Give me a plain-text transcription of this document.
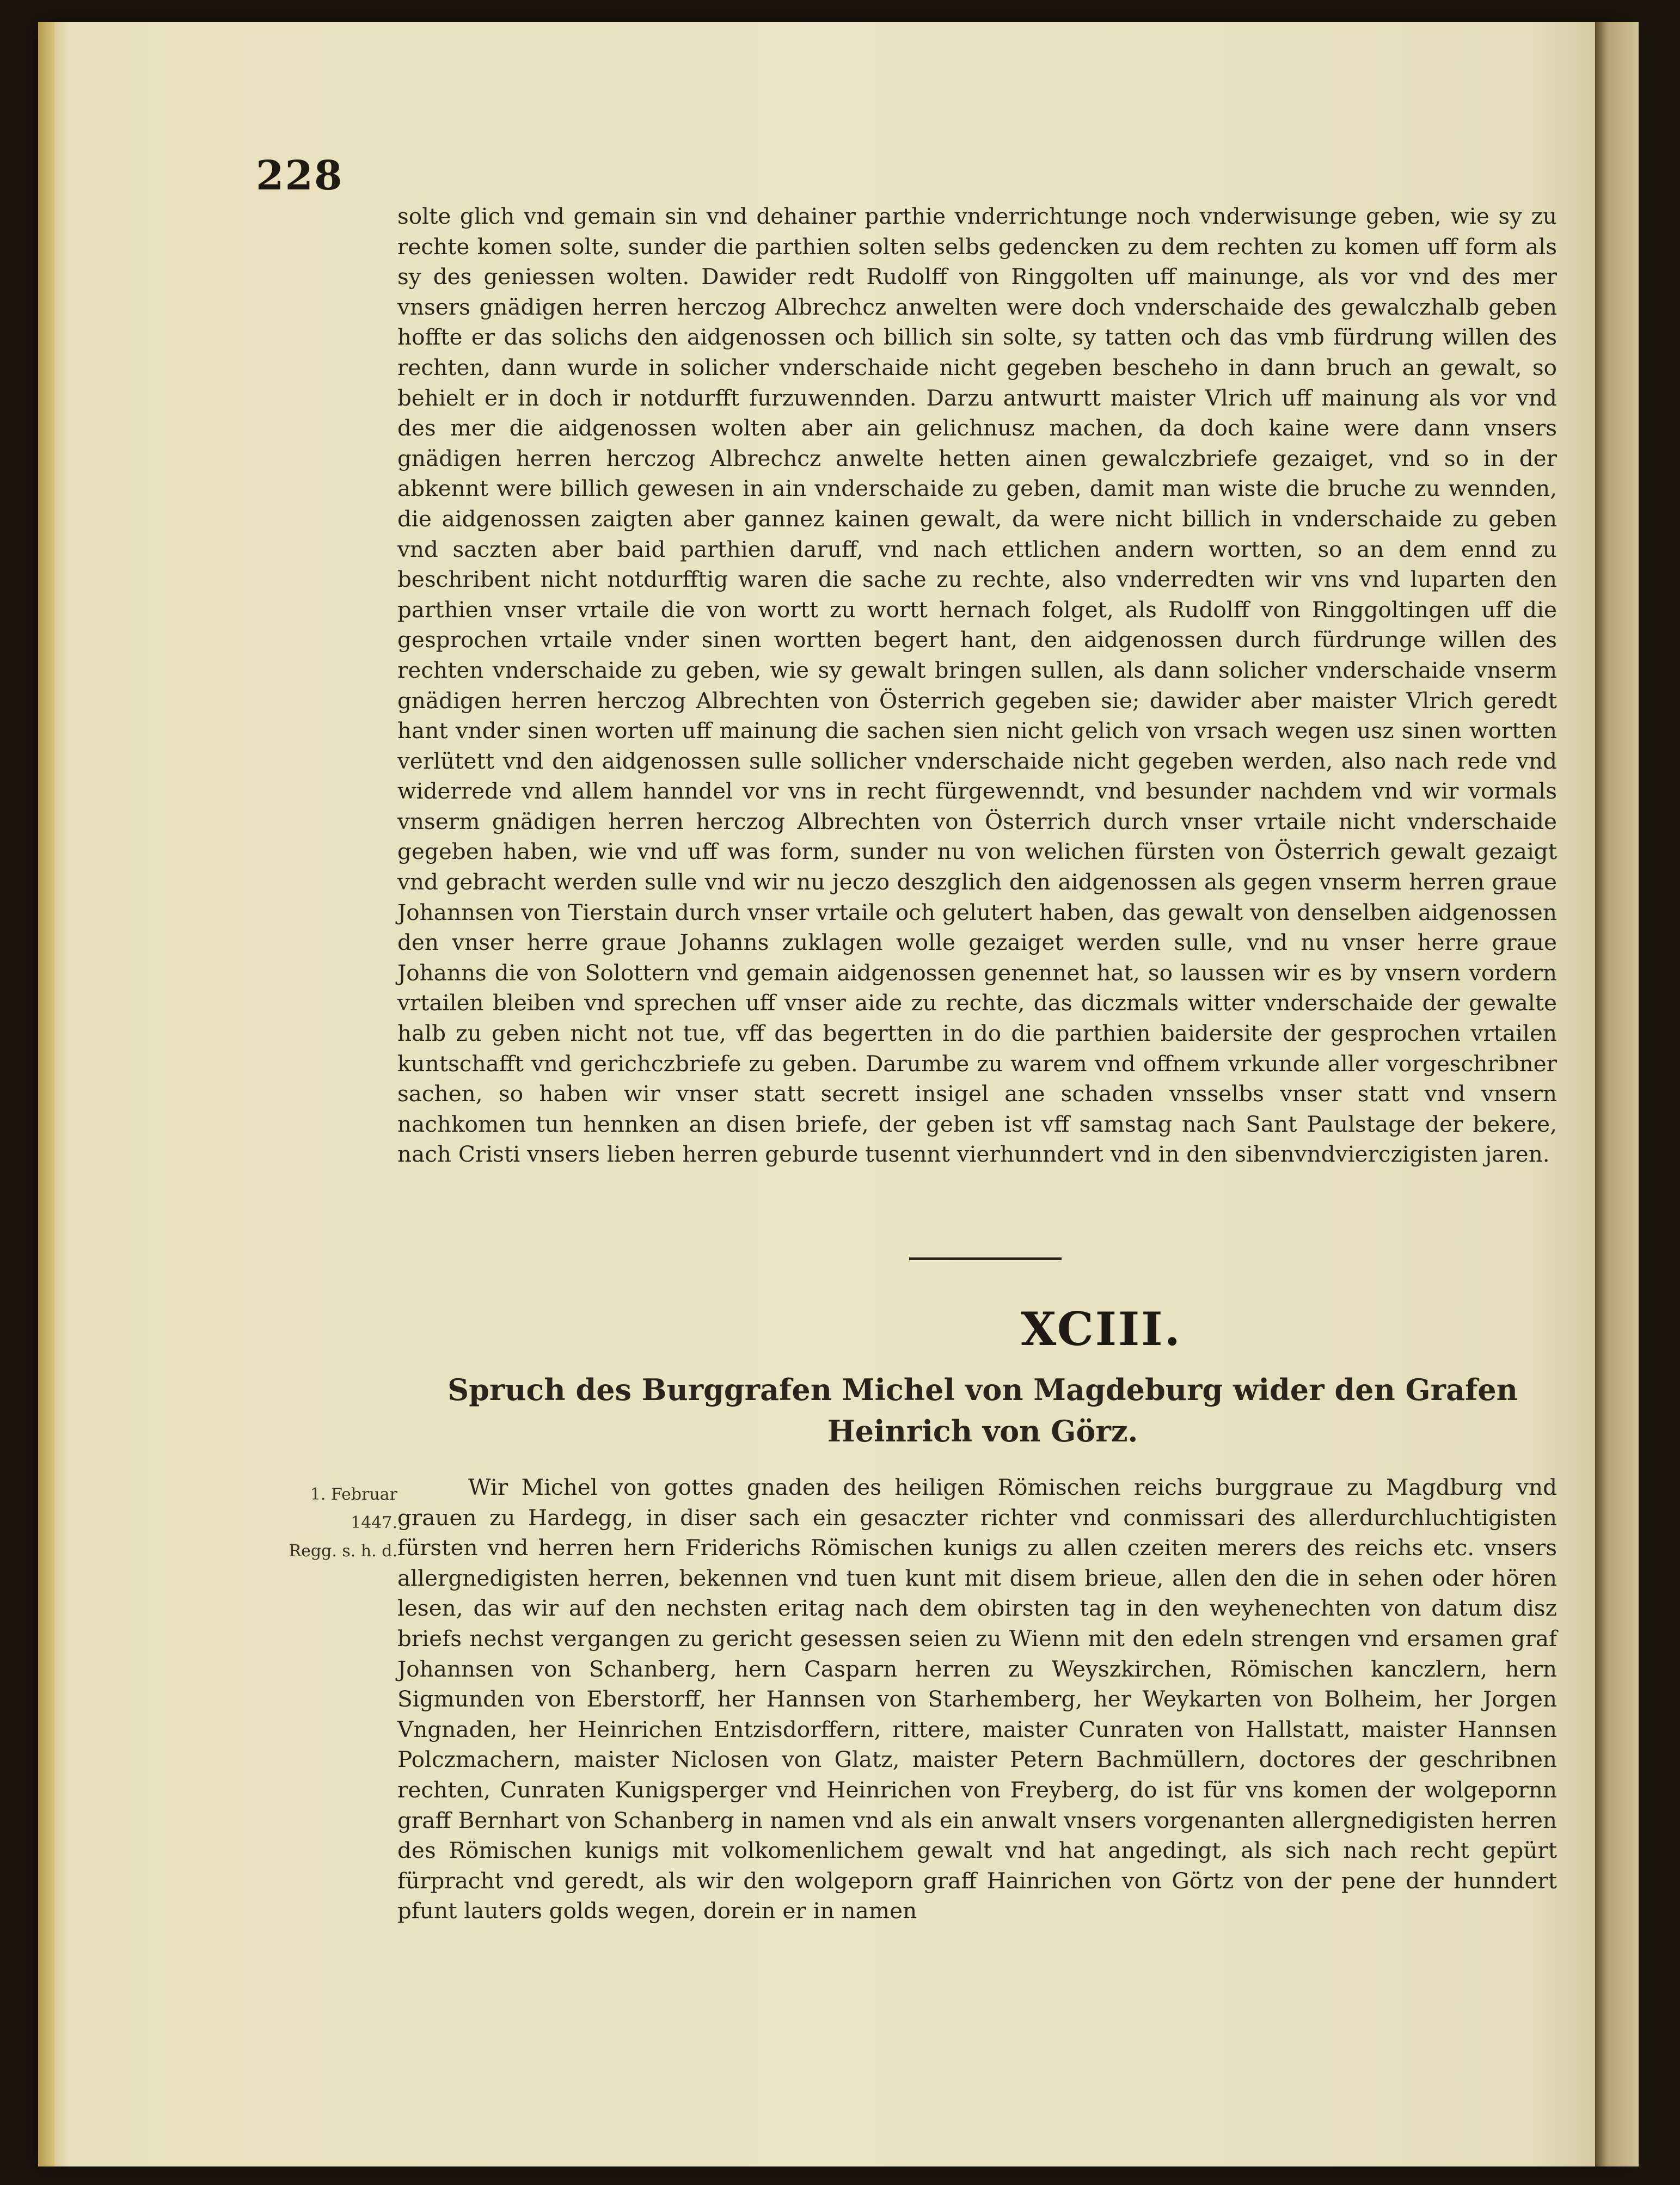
228

solte glich vnd gemain sin vnd dehainer parthie vnderrichtunge noch vnderwisunge geben, wie sy zu rechte komen solte, sunder die parthien solten selbs gedencken zu dem rechten zu komen uff form als sy des geniessen wolten. Dawider redt Rudolff von Ringgolten uff mainunge, als vor vnd des mer vnsers gnädigen herren herczog Albrechcz anwelten were doch vnderschaide des gewalczhalb geben hoffte er das solichs den aidgenossen och billich sin solte, sy tatten och das vmb fürdrung willen des rechten, dann wurde in solicher vnderschaide nicht gegeben bescheho in dann bruch an gewalt, so behielt er in doch ir notdurfft furzuwennden. Darzu antwurtt maister Vlrich uff mainung als vor vnd des mer die aidgenossen wolten aber ain gelichnusz machen, da doch kaine were dann vnsers gnädigen herren herczog Albrechcz anwelte hetten ainen gewalczbriefe gezaiget, vnd so in der abkennt were billich gewesen in ain vnderschaide zu geben, damit man wiste die bruche zu wennden, die aidgenossen zaigten aber gannez kainen gewalt, da were nicht billich in vnderschaide zu geben vnd saczten aber baid parthien daruff, vnd nach ettlichen andern wortten, so an dem ennd zu beschribent nicht notdurfftig waren die sache zu rechte, also vnderredten wir vns vnd luparten den parthien vnser vrtaile die von wortt zu wortt hernach folget, als Rudolff von Ringgoltingen uff die gesprochen vrtaile vnder sinen wortten begert hant, den aidgenossen durch fürdrunge willen des rechten vnderschaide zu geben, wie sy gewalt bringen sullen, als dann solicher vnderschaide vnserm gnädigen herren herczog Albrechten von Österrich gegeben sie; dawider aber maister Vlrich geredt hant vnder sinen worten uff mainung die sachen sien nicht gelich von vrsach wegen usz sinen wortten verlütett vnd den aidgenossen sulle sollicher vnderschaide nicht gegeben werden, also nach rede vnd widerrede vnd allem hanndel vor vns in recht fürgewenndt, vnd besunder nachdem vnd wir vormals vnserm gnädigen herren herczog Albrechten von Österrich durch vnser vrtaile nicht vnderschaide gegeben haben, wie vnd uff was form, sunder nu von welichen fürsten von Österrich gewalt gezaigt vnd gebracht werden sulle vnd wir nu jeczo deszglich den aidgenossen als gegen vnserm herren graue Johannsen von Tierstain durch vnser vrtaile och gelutert haben, das gewalt von denselben aidgenossen den vnser herre graue Johanns zuklagen wolle gezaiget werden sulle, vnd nu vnser herre graue Johanns die von Solottern vnd gemain aidgenossen genennet hat, so laussen wir es by vnsern vordern vrtailen bleiben vnd sprechen uff vnser aide zu rechte, das diczmals witter vnderschaide der gewalte halb zu geben nicht not tue, vff das begertten in do die parthien baidersite der gesprochen vrtailen kuntschafft vnd gerichczbriefe zu geben. Darumbe zu warem vnd offnem vrkunde aller vorgeschribner sachen, so haben wir vnser statt secrett insigel ane schaden vnsselbs vnser statt vnd vnsern nachkomen tun hennken an disen briefe, der geben ist vff samstag nach Sant Paulstage der bekere, nach Cristi vnsers lieben herren geburde tusennt vierhunndert vnd in den sibenvndvierczigisten jaren.

XCIII.
Spruch des Burggrafen Michel von Magdeburg wider den Grafen Heinrich von Görz.
1. Februar
1447.
Regg. s. h. d.

Wir Michel von gottes gnaden des heiligen Römischen reichs burggraue zu Magdburg vnd grauen zu Hardegg, in diser sach ein gesaczter richter vnd conmissari des allerdurchluchtigisten fürsten vnd herren hern Friderichs Römischen kunigs zu allen czeiten merers des reichs etc. vnsers allergnedigisten herren, bekennen vnd tuen kunt mit disem brieue, allen den die in sehen oder hören lesen, das wir auf den nechsten eritag nach dem obirsten tag in den weyhenechten von datum disz briefs nechst vergangen zu gericht gesessen seien zu Wienn mit den edeln strengen vnd ersamen graf Johannsen von Schanberg, hern Casparn herren zu Weyszkirchen, Römischen kanczlern, hern Sigmunden von Eberstorff, her Hannsen von Starhemberg, her Weykarten von Bolheim, her Jorgen Vngnaden, her Heinrichen Entzisdorffern, rittere, maister Cunraten von Hallstatt, maister Hannsen Polczmachern, maister Niclosen von Glatz, maister Petern Bachmüllern, doctores der geschribnen rechten, Cunraten Kunigsperger vnd Heinrichen von Freyberg, do ist für vns komen der wolgepornn graff Bernhart von Schanberg in namen vnd als ein anwalt vnsers vorgenanten allergnedigisten herren des Römischen kunigs mit volkomenlichem gewalt vnd hat angedingt, als sich nach recht gepürt fürpracht vnd geredt, als wir den wolgeporn graff Hainrichen von Görtz von der pene der hunndert pfunt lauters golds wegen, dorein er in namen
